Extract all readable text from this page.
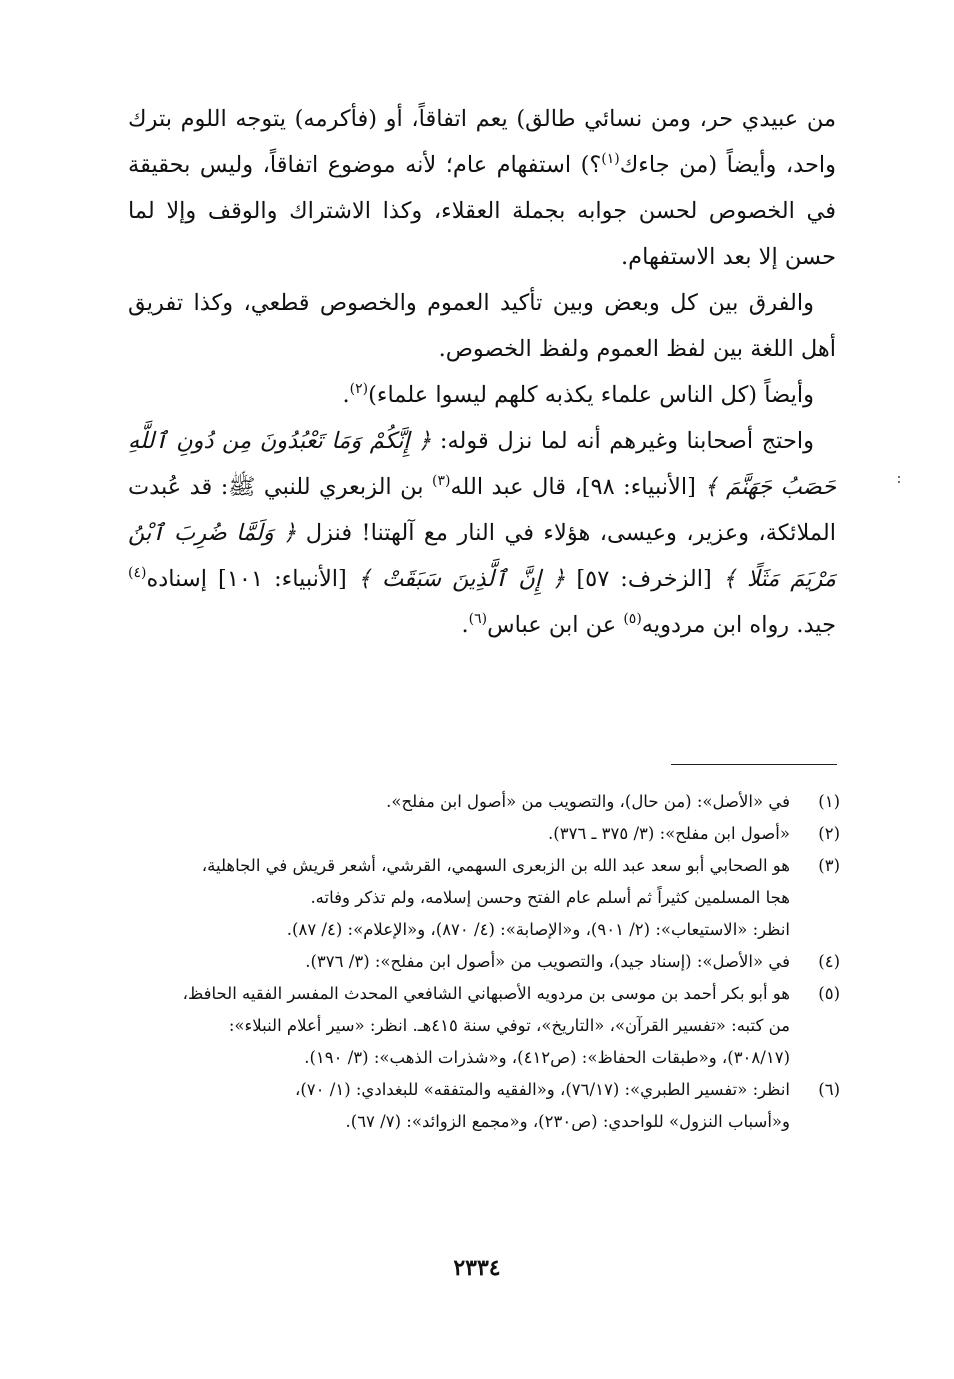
من عبيدي حر، ومن نسائي طالق) يعم اتفاقاً، أو (فأكرمه) يتوجه اللوم بترك واحد، وأيضاً (من جاءك$^{(١)}$؟) استفهام عام؛ لأنه موضوع اتفاقاً، وليس بحقيقة في الخصوص لحسن جوابه بجملة العقلاء، وكذا الاشتراك والوقف وإلا لما حسن إلا بعد الاستفهام.

والفرق بين كل وبعض وبين تأكيد العموم والخصوص قطعي، وكذا تفريق أهل اللغة بين لفظ العموم ولفظ الخصوص.

وأيضاً (كل الناس علماء يكذبه كلهم ليسوا علماء)$^{(٢)}$.

واحتج أصحابنا وغيرهم أنه لما نزل قوله: ﴿ إِنَّكُمْ وَمَا تَعْبُدُونَ مِن دُونِ ٱللَّهِ حَصَبُ جَهَنَّمَ ﴾ [الأنبياء: ٩٨]، قال عبد الله$^{(٣)}$ بن الزبعري للنبي ﷺ: قد عُبدت الملائكة، وعزير، وعيسى، هؤلاء في النار مع آلهتنا! فنزل ﴿ وَلَمَّا ضُرِبَ ٱبْنُ مَرْيَمَ مَثَلًا ﴾ [الزخرف: ٥٧] ﴿ إِنَّ ٱلَّذِينَ سَبَقَتْ ﴾ [الأنبياء: ١٠١] إسناده$^{(٤)}$ جيد. رواه ابن مردويه$^{(٥)}$ عن ابن عباس$^{(٦)}$.

(١)
في «الأصل»: (من حال)، والتصويب من «أصول ابن مفلح».
(٢)
«أصول ابن مفلح»: (٣/ ٣٧٥ ـ ٣٧٦).
(٣)
هو الصحابي أبو سعد عبد الله بن الزبعرى السهمي، القرشي، أشعر قريش في الجاهلية،
هجا المسلمين كثيراً ثم أسلم عام الفتح وحسن إسلامه، ولم تذكر وفاته.
انظر: «الاستيعاب»: (٢/ ٩٠١)، و«الإصابة»: (٤/ ٨٧٠)، و«الإعلام»: (٤/ ٨٧).
(٤)
في «الأصل»: (إسناد جيد)، والتصويب من «أصول ابن مفلح»: (٣/ ٣٧٦).
(٥)
هو أبو بكر أحمد بن موسى بن مردويه الأصبهاني الشافعي المحدث المفسر الفقيه الحافظ،
من كتبه: «تفسير القرآن»، «التاريخ»، توفي سنة ٤١٥هـ. انظر: «سير أعلام النبلاء»:
(٣٠٨/١٧)، و«طبقات الحفاظ»: (ص٤١٢)، و«شذرات الذهب»: (٣/ ١٩٠).
(٦)
انظر: «تفسير الطبري»: (٧٦/١٧)، و«الفقيه والمتفقه» للبغدادي: (١/ ٧٠)،
و«أسباب النزول» للواحدي: (ص٢٣٠)، و«مجمع الزوائد»: (٧/ ٦٧).
٢٣٣٤
